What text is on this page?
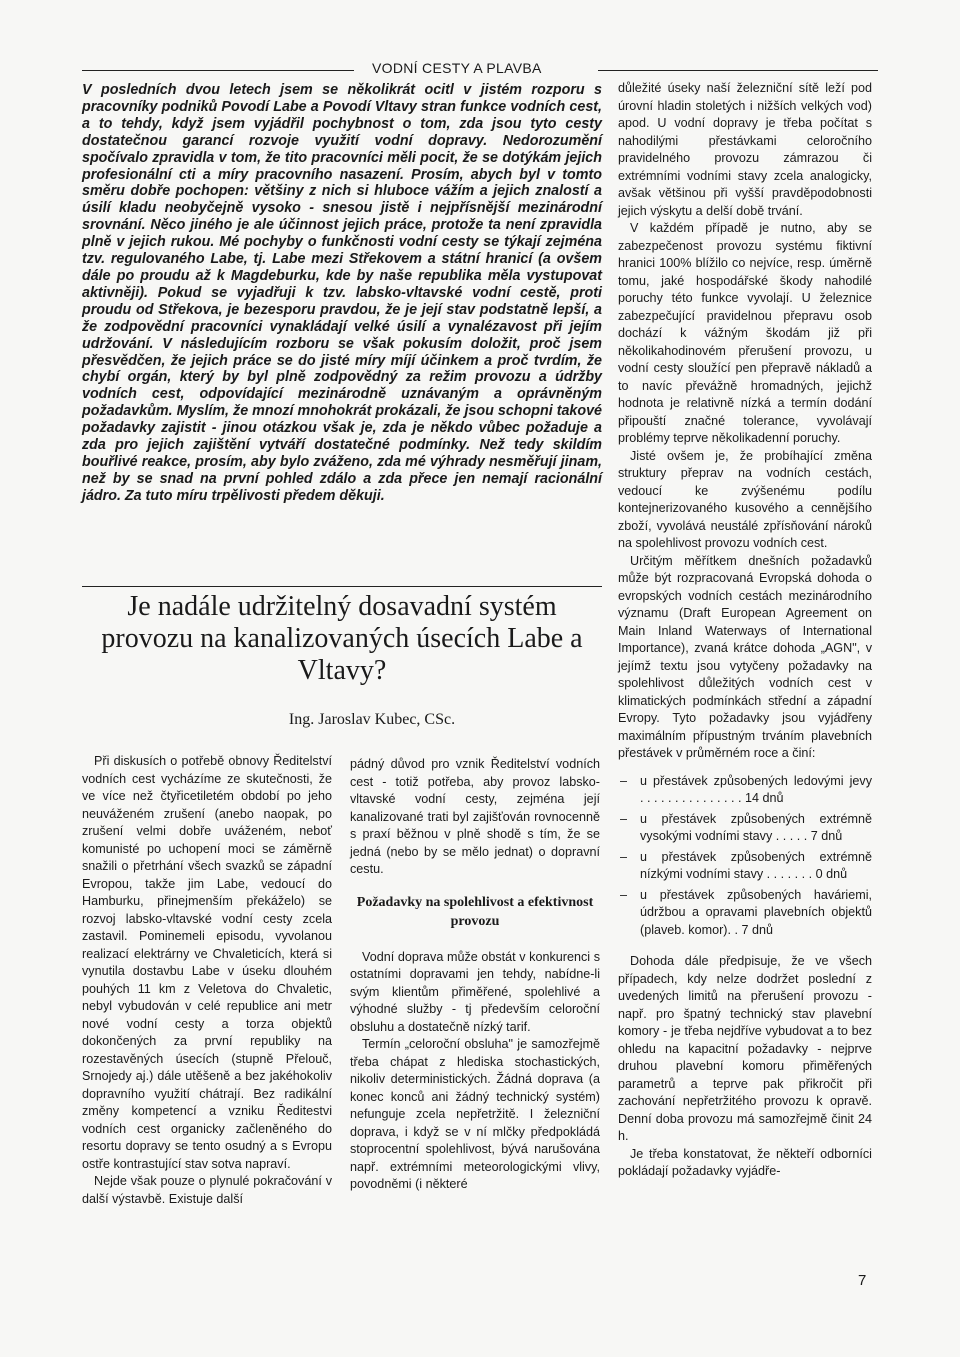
VODNÍ CESTY A PLAVBA
V posledních dvou letech jsem se několikrát ocitl v jistém rozporu s pracovníky podniků Povodí Labe a Povodí Vltavy stran funkce vodních cest, a to tehdy, když jsem vyjádřil pochybnost o tom, zda jsou tyto cesty dostatečnou garancí rozvoje využití vodní dopravy. Nedorozumění spočívalo zpravidla v tom, že tito pracovníci měli pocit, že se dotýkám jejich profesionální cti a míry pracovního nasazení. Prosím, abych byl v tomto směru dobře pochopen: většiny z nich si hluboce vážím a jejich znalostí a úsilí kladu neobyčejně vysoko - snesou jistě i nejpřísnější mezinárodní srovnání. Něco jiného je ale účinnost jejich práce, protože ta není zpravidla plně v jejich rukou. Mé pochyby o funkčnosti vodní cesty se týkají zejména tzv. regulovaného Labe, tj. Labe mezi Střekovem a státní hranicí (a ovšem dále po proudu až k Magdeburku, kde by naše republika měla vystupovat aktivněji). Pokud se vyjadřuji k tzv. labsko-vltavské vodní cestě, proti proudu od Střekova, je bezesporu pravdou, že je její stav podstatně lepší, a že zodpovědní pracovníci vynakládají velké úsilí a vynalézavost při jejím udržování. V následujícím rozboru se však pokusím doložit, proč jsem přesvědčen, že jejich práce se do jisté míry míjí účinkem a proč tvrdím, že chybí orgán, který by byl plně zodpovědný za režim provozu a údržby vodních cest, odpovídající mezinárodně uznávaným a oprávněným požadavkům. Myslím, že mnozí mnohokrát prokázali, že jsou schopni takové požadavky zajistit - jinou otázkou však je, zda je někdo vůbec požaduje a zda pro jejich zajištění vytváří dostatečné podmínky. Než tedy skildím bouřlivé reakce, prosím, aby bylo zváženo, zda mé výhrady nesměřují jinam, než by se snad na první pohled zdálo a zda přece jen nemají racionální jádro. Za tuto míru trpělivosti předem děkuji.
Je nadále udržitelný dosavadní systém provozu na kanalizovaných úsecích Labe a Vltavy?
Ing. Jaroslav Kubec, CSc.

Při diskusích o potřebě obnovy Ředitelství vodních cest vycházíme ze skutečnosti, že ve více než čtyřicetiletém období po jeho neuváženém zrušení (anebo naopak, po zrušení velmi dobře uváženém, neboť komunisté po uchopení moci se záměrně snažili o přetrhání všech svazků se západní Evropou, takže jim Labe, vedoucí do Hamburku, přinejmenším překáželo) se rozvoj labsko-vltavské vodní cesty zcela zastavil. Pominemeli episodu, vyvolanou realizací elektrárny ve Chvaleticích, která si vynutila dostavbu Labe v úseku dlouhém pouhých 11 km z Veletova do Chvaletic, nebyl vybudován v celé republice ani metr nové vodní cesty a torza objektů dokončených za první republiky na rozestavěných úsecích (stupně Přelouč, Srnojedy aj.) dále utěšeně a bez jakéhokoliv dopravního využití chátrají. Bez radikální změny kompetencí a vzniku Ředitestvi vodních cest organicky začleněného do resortu dopravy se tento osudný a s Evropu ostře kontrastující stav sotva napraví.

Nejde však pouze o plynulé pokračování v další výstavbě. Existuje další

pádný důvod pro vznik Ředitelství vodních cest - totiž potřeba, aby provoz labsko-vltavské vodní cesty, zejména její kanalizované trati byl zajišťován rovnocenně s praxí běžnou v plně shodě s tím, že se jedná (nebo by se mělo jednat) o dopravní cestu.

Požadavky na spolehlivost a efektivnost provozu

Vodní doprava může obstát v konkurenci s ostatními dopravami jen tehdy, nabídne-li svým klientům přiměřené, spolehlivé a výhodné služby - tj především celoroční obsluhu a dostatečně nízký tarif.

Termín „celoroční obsluha" je samozřejmě třeba chápat z hlediska stochastických, nikoliv deterministických. Žádná doprava (a konec konců ani žádný technický systém) nefunguje zcela nepřetržitě. I železniční doprava, i když se v ní mlčky předpokládá stoprocentní spolehlivost, bývá narušována např. extrémními meteorologickými vlivy, povodněmi (i některé

důležité úseky naší železniční sítě leží pod úrovní hladin stoletých i nižších velkých vod) apod. U vodní dopravy je třeba počítat s nahodilými přestávkami celoročního pravidelného provozu zámrazou či extrémními vodními stavy zcela analogicky, avšak většinou při vyšší pravděpodobnosti jejich výskytu a delší době trvání.

V každém případě je nutno, aby se zabezpečenost provozu systému fiktivní hranici 100% blížilo co nejvíce, resp. úměrně tomu, jaké hospodářské škody nahodilé poruchy této funkce vyvolají. U železnice zabezpečující pravidelnou přepravu osob dochází k vážným škodám již při několikahodinovém přerušení provozu, u vodní cesty sloužící pen přepravě nákladů a to navíc převážně hromadných, jejichž hodnota je relativně nízká a termín dodání připouští značné tolerance, vyvolávají problémy teprve několikadenní poruchy.

Jisté ovšem je, že probíhající změna struktury přeprav na vodních cestách, vedoucí ke zvýšenému podílu kontejnerizovaného kusového a cennějšího zboží, vyvolává neustálé zpřísňování nároků na spolehlivost provozu vodních cest.

Určitým měřítkem dnešních požadavků může být rozpracovaná Evropská dohoda o evropských vodních cestách mezinárodního významu (Draft European Agreement on Main Inland Waterways of International Importance), zvaná krátce dohoda „AGN", v jejímž textu jsou vytyčeny požadavky na spolehlivost důležitých vodních cest v klimatických podmínkách střední a západní Evropy. Tyto požadavky jsou vyjádřeny maximálním přípustným trváním plavebních přestávek v průměrném roce a činí:

– u přestávek způsobených ledovými jevy . . . . . . . . . . . . . . . 14 dnů
– u přestávek způsobených extrémně vysokými vodními stavy . . . . . 7 dnů
– u přestávek způsobených extrémně nízkými vodními stavy . . . . . . . 0 dnů
– u přestávek způsobených haváriemi, údržbou a opravami plavebních objektů (plaveb. komor). . 7 dnů

Dohoda dále předpisuje, že ve všech případech, kdy nelze dodržet poslední z uvedených limitů na přerušení provozu - např. pro špatný technický stav plavební komory - je třeba nejdříve vybudovat a to bez ohledu na kapacitní požadavky - nejprve druhou plavební komoru přiměřených parametrů a teprve pak přikročit při zachování nepřetržitého provozu k opravě. Denní doba provozu má samozřejmě činit 24 h.

Je třeba konstatovat, že někteří odborníci pokládají požadavky vyjádře-

7
